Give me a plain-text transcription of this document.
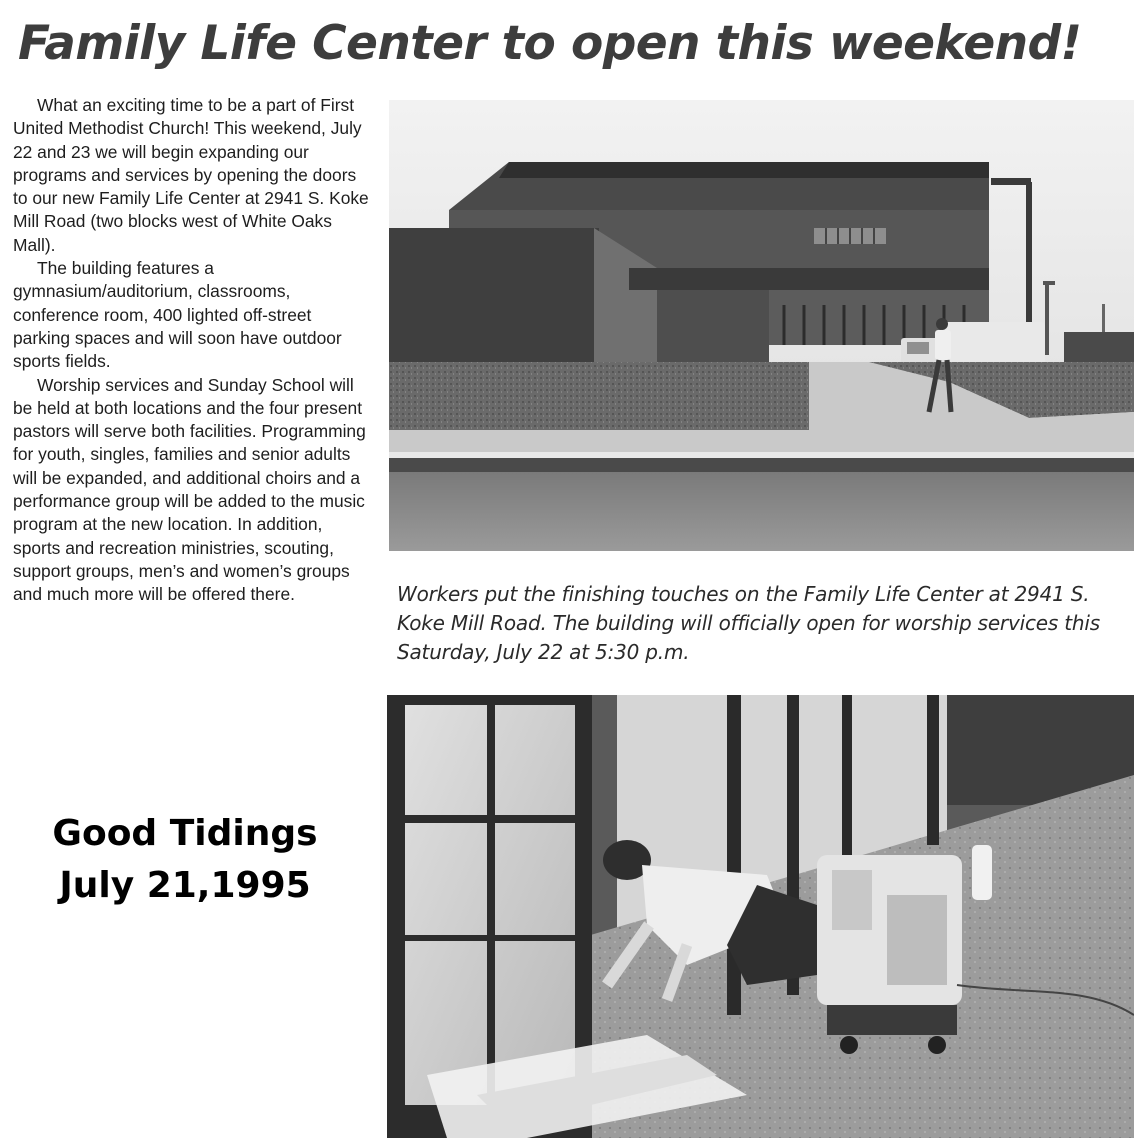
Family Life Center to open this weekend!

What an exciting time to be a part of First United Methodist Church! This weekend, July 22 and 23 we will begin expanding our programs and services by opening the doors to our new Family Life Center at 2941 S. Koke Mill Road (two blocks west of White Oaks Mall).

The building features a gymnasium/auditorium, classrooms, conference room, 400 lighted off-street parking spaces and will soon have outdoor sports fields.

Worship services and Sunday School will be held at both locations and the four present pastors will serve both facilities. Programming for youth, singles, families and senior adults will be expanded, and additional choirs and a performance group will be added to the music program at the new location. In addition, sports and recreation ministries, scouting, support groups, men’s and women’s groups and much more will be offered there.	Workers put the finishing touches on the Family Life Center at 2941 S. Koke Mill Road. The building will officially open for worship services this Saturday, July 22 at 5:30 p.m.

Good Tidings
July 21,1995
